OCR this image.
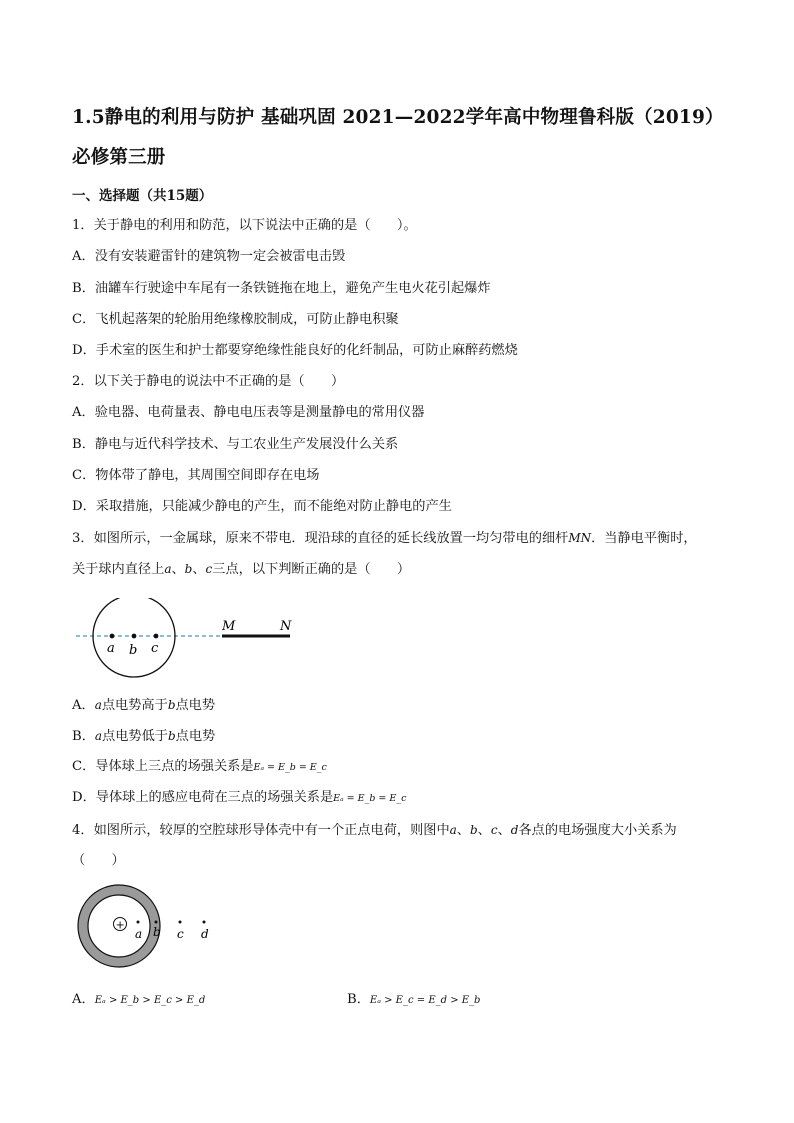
1.5静电的利用与防护 基础巩固 2021—2022学年高中物理鲁科版（2019）
必修第三册
一、选择题（共15题）
1．关于静电的利用和防范，以下说法中正确的是（　　）。
A．没有安装避雷针的建筑物一定会被雷电击毁
B．油罐车行驶途中车尾有一条铁链拖在地上，避免产生电火花引起爆炸
C．飞机起落架的轮胎用绝缘橡胶制成，可防止静电积聚
D．手术室的医生和护士都要穿绝缘性能良好的化纤制品，可防止麻醉药燃烧
2．以下关于静电的说法中不正确的是（　　）
A．验电器、电荷量表、静电电压表等是测量静电的常用仪器
B．静电与近代科学技术、与工农业生产发展没什么关系
C．物体带了静电，其周围空间即存在电场
D．采取措施，只能减少静电的产生，而不能绝对防止静电的产生
3．如图所示，一金属球，原来不带电．现沿球的直径的延长线放置一均匀带电的细杆MN．当静电平衡时，
关于球内直径上a、b、c三点，以下判断正确的是（　　）
a b c
M	N
A．a点电势高于b点电势
B．a点电势低于b点电势
C．导体球上三点的场强关系是Eₐ = E_b = E_c
D．导体球上的感应电荷在三点的场强关系是Eₐ = E_b = E_c
4．如图所示，较厚的空腔球形导体壳中有一个正点电荷，则图中a、b、c、d各点的电场强度大小关系为
（　　）
+
a b c d
A．Eₐ > E_b > E_c > E_d	B．Eₐ > E_c = E_d > E_b
